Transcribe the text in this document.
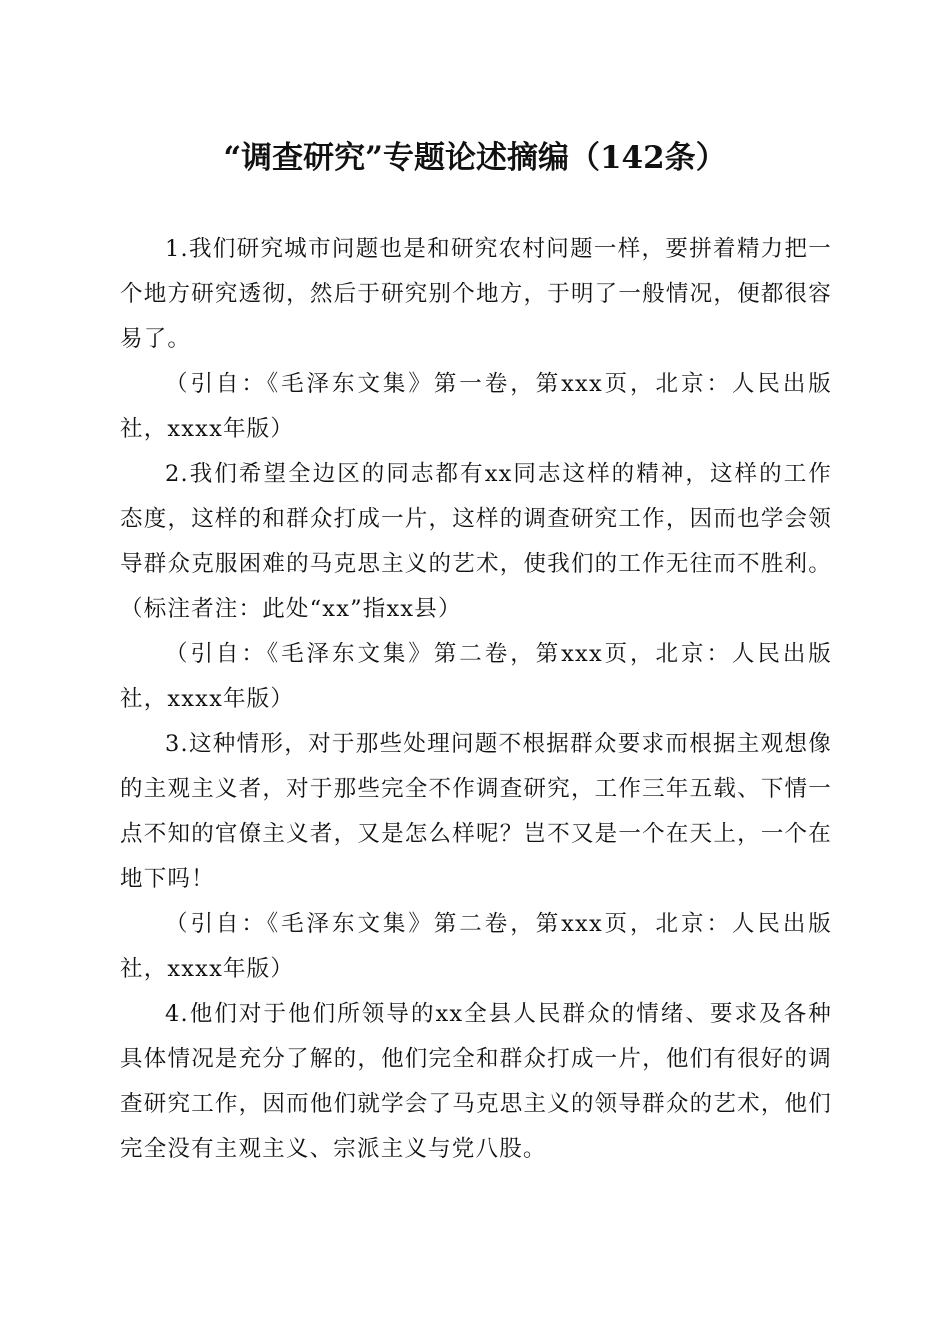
“调查研究”专题论述摘编（142条）

1.我们研究城市问题也是和研究农村问题一样，要拼着精力把一个地方研究透彻，然后于研究别个地方，于明了一般情况，便都很容易了。

（引自：《毛泽东文集》第一卷，第xxx页，北京：人民出版社，xxxx年版）

2.我们希望全边区的同志都有xx同志这样的精神，这样的工作态度，这样的和群众打成一片，这样的调查研究工作，因而也学会领导群众克服困难的马克思主义的艺术，使我们的工作无往而不胜利。（标注者注：此处“xx”指xx县）

（引自：《毛泽东文集》第二卷，第xxx页，北京：人民出版社，xxxx年版）

3.这种情形，对于那些处理问题不根据群众要求而根据主观想像的主观主义者，对于那些完全不作调查研究，工作三年五载、下情一点不知的官僚主义者，又是怎么样呢？岂不又是一个在天上，一个在地下吗！

（引自：《毛泽东文集》第二卷，第xxx页，北京：人民出版社，xxxx年版）

4.他们对于他们所领导的xx全县人民群众的情绪、要求及各种具体情况是充分了解的，他们完全和群众打成一片，他们有很好的调查研究工作，因而他们就学会了马克思主义的领导群众的艺术，他们完全没有主观主义、宗派主义与党八股。
